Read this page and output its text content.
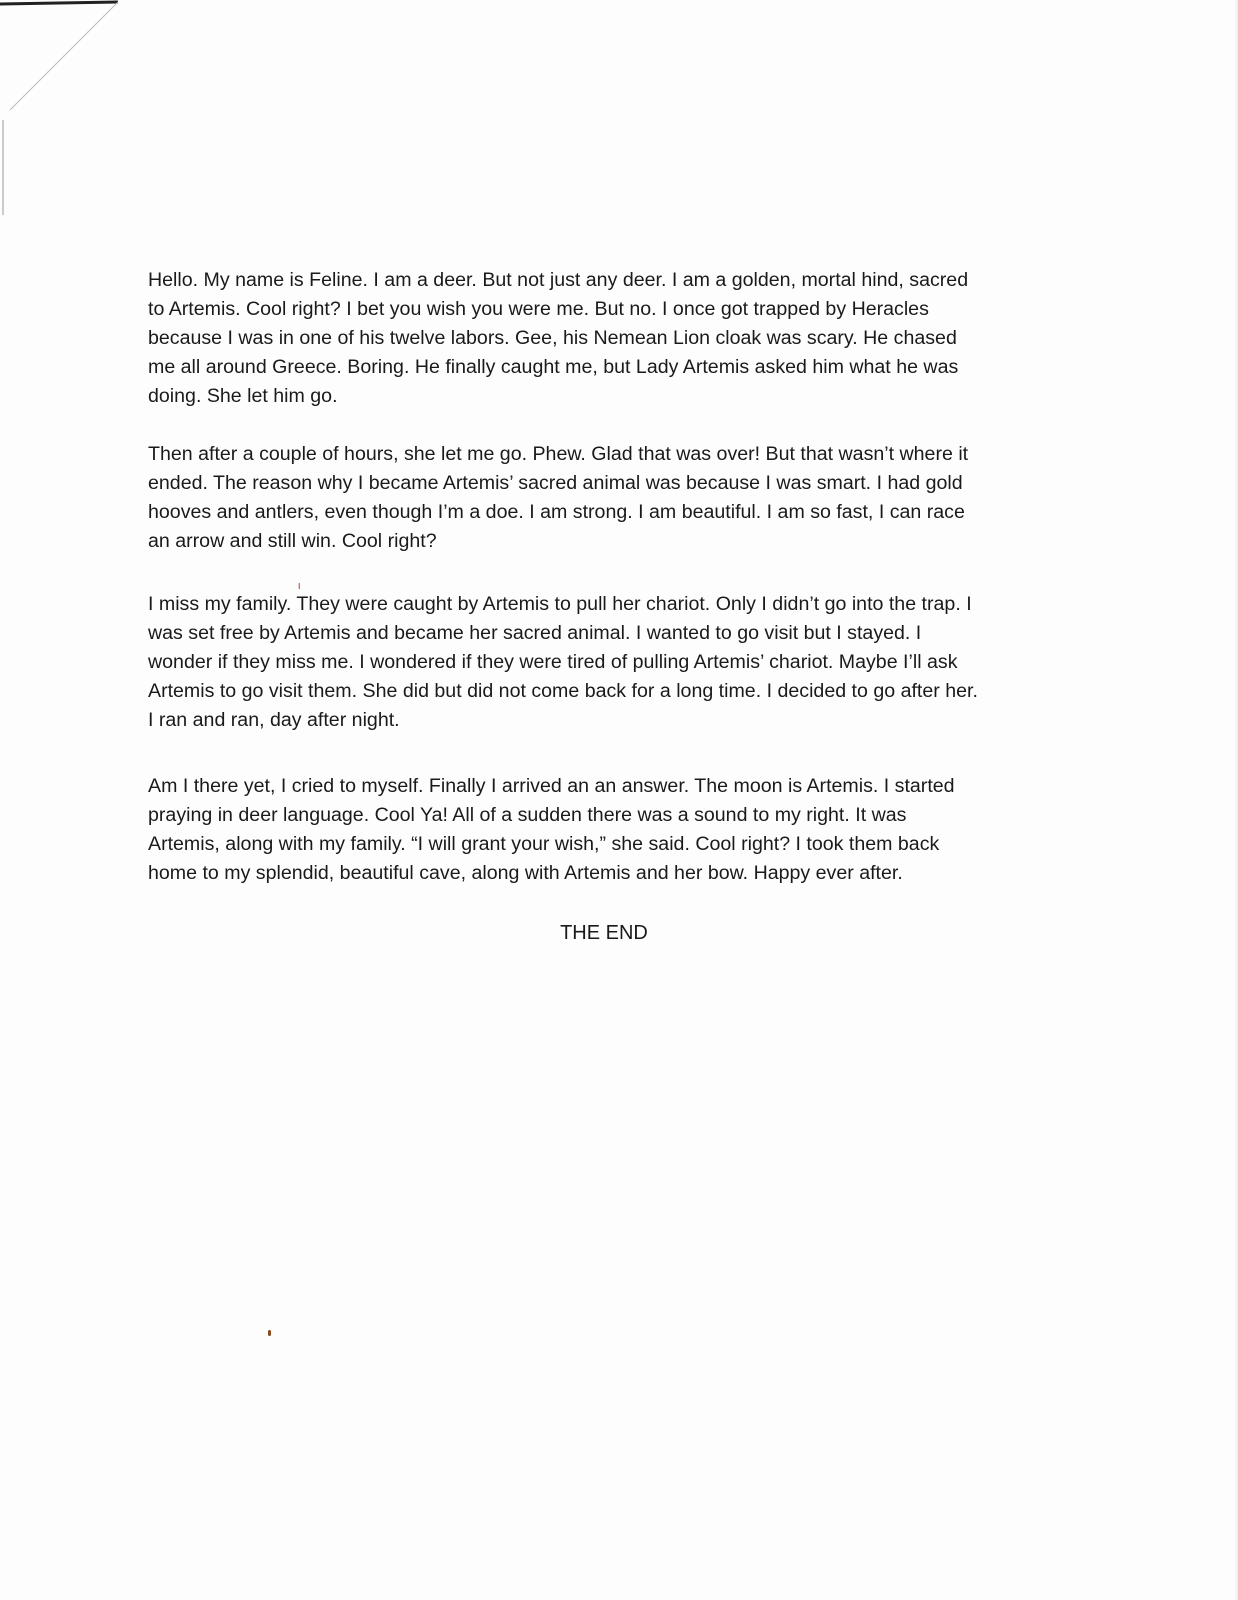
Hello. My name is Feline. I am a deer. But not just any deer. I am a golden, mortal hind, sacred
to Artemis. Cool right? I bet you wish you were me. But no. I once got trapped by Heracles
because I was in one of his twelve labors. Gee, his Nemean Lion cloak was scary. He chased
me all around Greece. Boring. He finally caught me, but Lady Artemis asked him what he was
doing. She let him go.
Then after a couple of hours, she let me go. Phew. Glad that was over! But that wasn’t where it
ended. The reason why I became Artemis’ sacred animal was because I was smart. I had gold
hooves and antlers, even though I’m a doe. I am strong. I am beautiful. I am so fast, I can race
an arrow and still win. Cool right?
ι
I miss my family. They were caught by Artemis to pull her chariot. Only I didn’t go into the trap. I
was set free by Artemis and became her sacred animal. I wanted to go visit but I stayed. I
wonder if they miss me. I wondered if they were tired of pulling Artemis’ chariot. Maybe I’ll ask
Artemis to go visit them. She did but did not come back for a long time. I decided to go after her.
I ran and ran, day after night.
Am I there yet, I cried to myself. Finally I arrived an an answer. The moon is Artemis. I started
praying in deer language. Cool Ya! All of a sudden there was a sound to my right. It was
Artemis, along with my family. “I will grant your wish,” she said. Cool right? I took them back
home to my splendid, beautiful cave, along with Artemis and her bow. Happy ever after.
THE END
